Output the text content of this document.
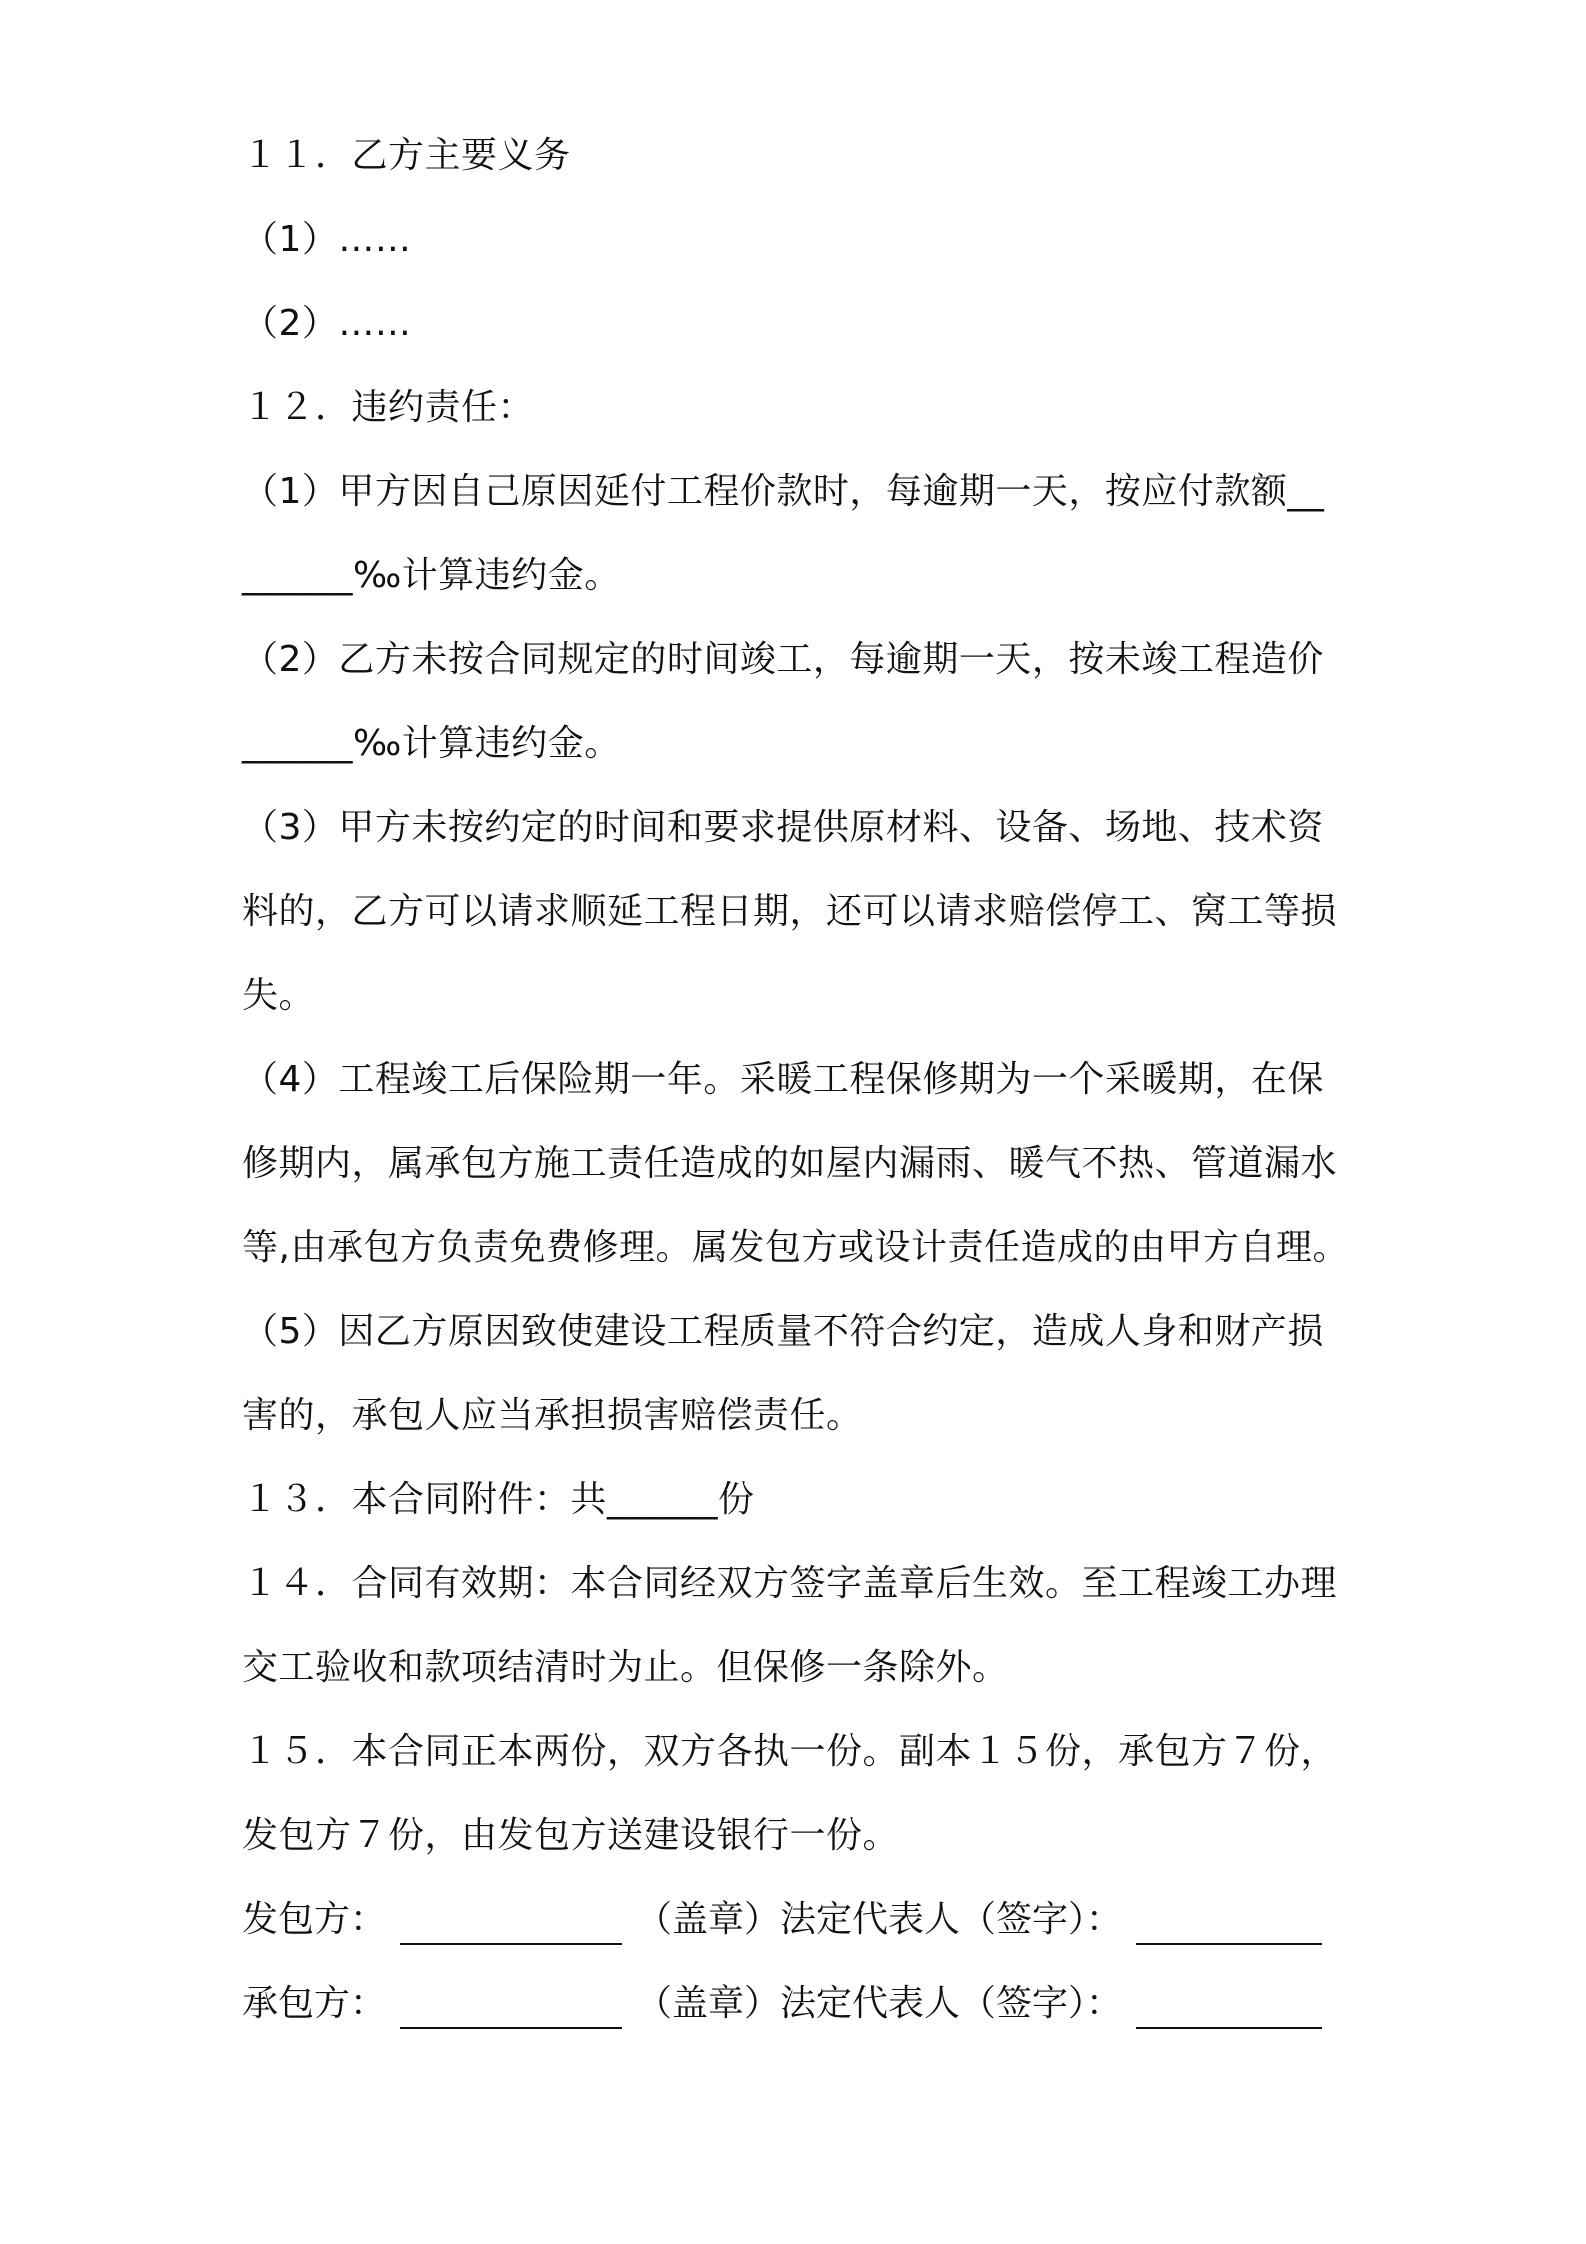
１１．乙方主要义务
（1）……
（2）……
１２．违约责任：
（1）甲方因自己原因延付工程价款时，每逾期一天，按应付款额__
______‰计算违约金。
（2）乙方未按合同规定的时间竣工，每逾期一天，按未竣工程造价
______‰计算违约金。
（3）甲方未按约定的时间和要求提供原材料、设备、场地、技术资
料的，乙方可以请求顺延工程日期，还可以请求赔偿停工、窝工等损
失。
（4）工程竣工后保险期一年。采暖工程保修期为一个采暖期，在保
修期内，属承包方施工责任造成的如屋内漏雨、暖气不热、管道漏水
等,由承包方负责免费修理。属发包方或设计责任造成的由甲方自理。
（5）因乙方原因致使建设工程质量不符合约定，造成人身和财产损
害的，承包人应当承担损害赔偿责任。
１３．本合同附件：共______份
１４．合同有效期：本合同经双方签字盖章后生效。至工程竣工办理
交工验收和款项结清时为止。但保修一条除外。
１５．本合同正本两份，双方各执一份。副本１５份，承包方７份，
发包方７份，由发包方送建设银行一份。
发包方：	（盖章）法定代表人（签字）：
承包方：	（盖章）法定代表人（签字）：
